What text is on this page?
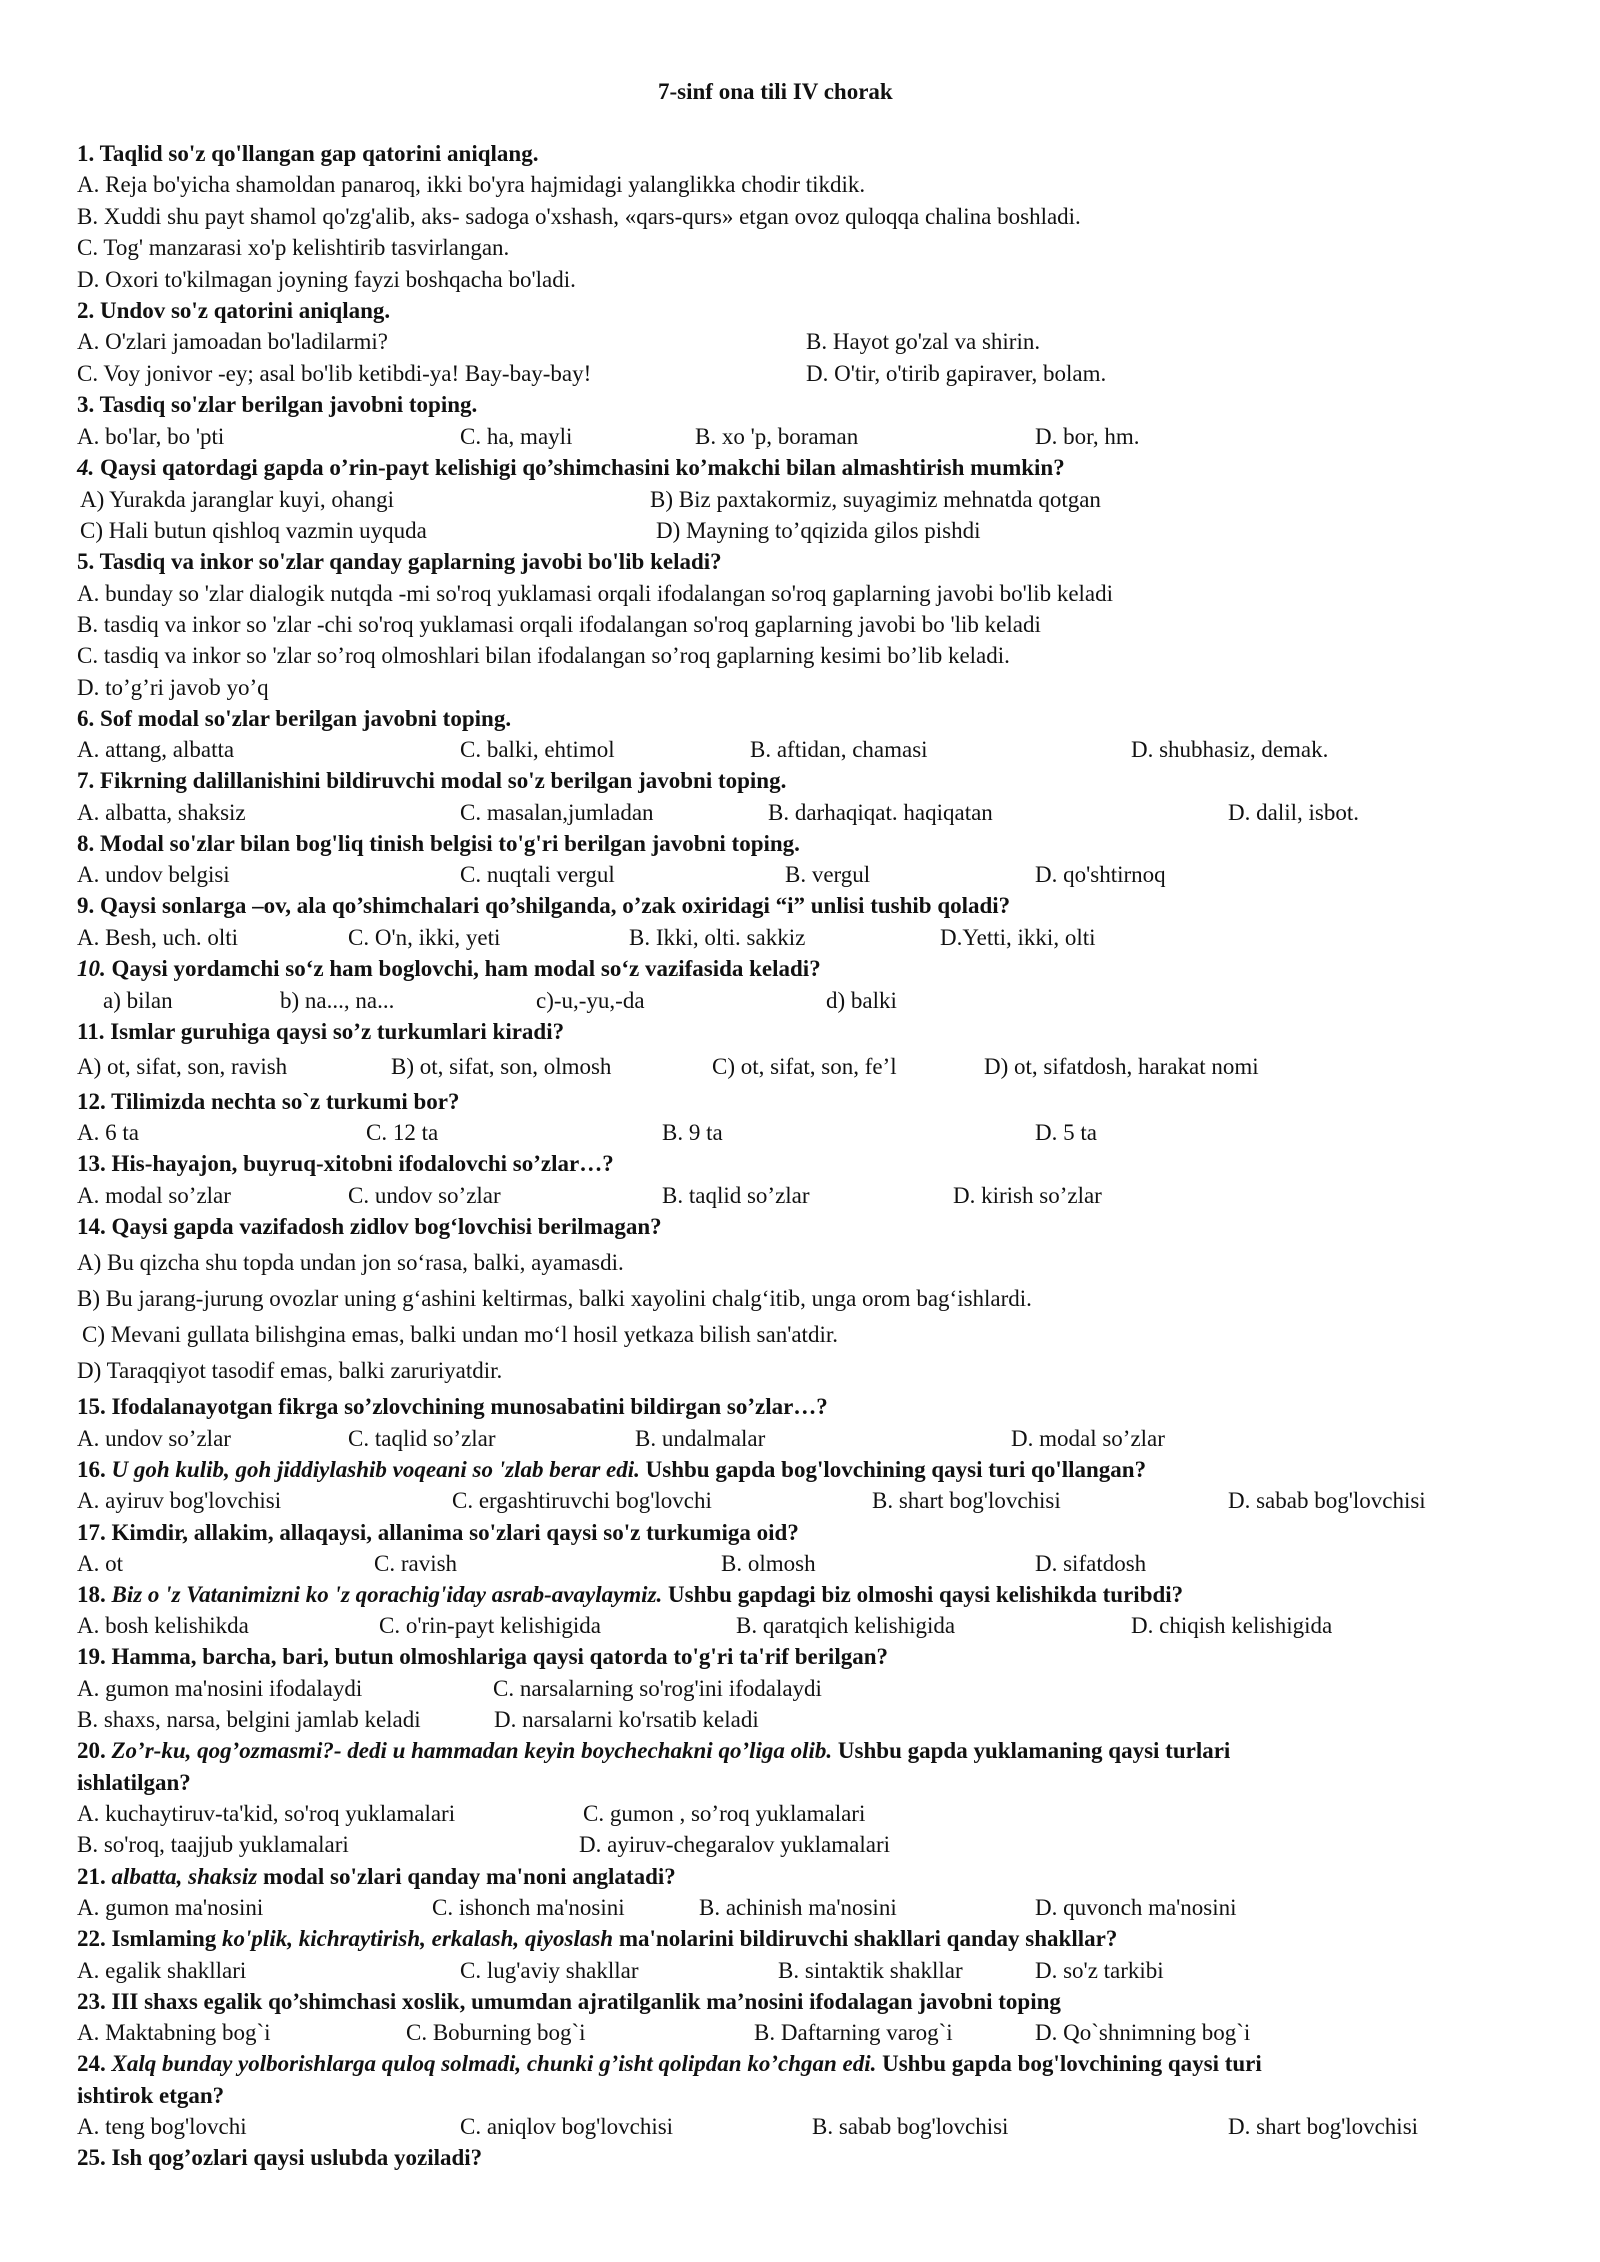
7-sinf ona tili IV chorak
1. Taqlid so'z qo'llangan gap qatorini aniqlang.
A. Reja bo'yicha shamoldan panaroq, ikki bo'yra hajmidagi yalanglikka chodir tikdik.
B. Xuddi shu payt shamol qo'zg'alib, aks- sadoga o'xshash, «qars-qurs» etgan ovoz quloqqa chalina boshladi.
C. Tog' manzarasi xo'p kelishtirib tasvirlangan.
D. Oxori to'kilmagan joyning fayzi boshqacha bo'ladi.
2. Undov so'z qatorini aniqlang.
A. O'zlari jamoadan bo'ladilarmi?	B. Hayot go'zal va shirin.
C. Voy jonivor -ey; asal bo'lib ketibdi-ya! Bay-bay-bay!	D. O'tir, o'tirib gapiraver, bolam.
3. Tasdiq so'zlar berilgan javobni toping.
A. bo'lar, bo 'pti	C. ha, mayli	B. xo 'p, boraman	D. bor, hm.
4. Qaysi qatordagi gapda o’rin-payt kelishigi qo’shimchasini ko’makchi bilan almashtirish mumkin?
A) Yurakda jaranglar kuyi, ohangi	B) Biz paxtakormiz, suyagimiz mehnatda qotgan
C) Hali butun qishloq vazmin uyquda	D) Mayning to’qqizida gilos pishdi
5. Tasdiq va inkor so'zlar qanday gaplarning javobi bo'lib keladi?
A. bunday so 'zlar dialogik nutqda -mi so'roq yuklamasi orqali ifodalangan so'roq gaplarning javobi bo'lib keladi
B. tasdiq va inkor so 'zlar -chi so'roq yuklamasi orqali ifodalangan so'roq gaplarning javobi bo 'lib keladi
C. tasdiq va inkor so 'zlar so’roq olmoshlari bilan ifodalangan so’roq gaplarning kesimi bo’lib keladi.
D. to’g’ri javob yo’q
6. Sof modal so'zlar berilgan javobni toping.
A. attang, albatta	C. balki, ehtimol	B. aftidan, chamasi	D. shubhasiz, demak.
7. Fikrning dalillanishini bildiruvchi modal so'z berilgan javobni toping.
A. albatta, shaksiz	C. masalan,jumladan	B. darhaqiqat. haqiqatan	D. dalil, isbot.
8. Modal so'zlar bilan bog'liq tinish belgisi to'g'ri berilgan javobni toping.
A. undov belgisi	C. nuqtali vergul	B. vergul	D. qo'shtirnoq
9. Qaysi sonlarga –ov, ala qo’shimchalari qo’shilganda, o’zak oxiridagi “i” unlisi tushib qoladi?
A. Besh, uch. olti	C. O'n, ikki, yeti	B. Ikki, olti. sakkiz	D.Yetti, ikki, olti
10. Qaysi yordamchi so‘z ham boglovchi, ham modal so‘z vazifasida keladi?
a) bilan	b) na..., na...	c)-u,-yu,-da	d) balki
11. Ismlar guruhiga qaysi so’z turkumlari kiradi?
A) ot, sifat, son, ravish	B) ot, sifat, son, olmosh	C) ot, sifat, son, fe’l	D) ot, sifatdosh, harakat nomi
12. Tilimizda nechta so`z turkumi bor?
A. 6 ta	C. 12 ta	B. 9 ta	D. 5 ta
13. His-hayajon, buyruq-xitobni ifodalovchi so’zlar…?
A. modal so’zlar	C. undov so’zlar	B. taqlid so’zlar	D. kirish so’zlar
14. Qaysi gapda vazifadosh zidlov bog‘lovchisi berilmagan?
A) Bu qizcha shu topda undan jon so‘rasa, balki, ayamasdi.
B) Bu jarang-jurung ovozlar uning g‘ashini keltirmas, balki xayolini chalg‘itib, unga orom bag‘ishlardi.
C) Mevani gullata bilishgina emas, balki undan mo‘l hosil yetkaza bilish san'atdir.
D) Taraqqiyot tasodif emas, balki zaruriyatdir.
15. Ifodalanayotgan fikrga so’zlovchining munosabatini bildirgan so’zlar…?
A. undov so’zlar	C. taqlid so’zlar	B. undalmalar	D. modal so’zlar
16. U goh kulib, goh jiddiylashib voqeani so 'zlab berar edi. Ushbu gapda bog'lovchining qaysi turi qo'llangan?
A. ayiruv bog'lovchisi	C. ergashtiruvchi bog'lovchi	B. shart bog'lovchisi	D. sabab bog'lovchisi
17. Kimdir, allakim, allaqaysi, allanima so'zlari qaysi so'z turkumiga oid?
A. ot	C. ravish	B. olmosh	D. sifatdosh
18. Biz o 'z Vatanimizni ko 'z qorachig'iday asrab-avaylaymiz. Ushbu gapdagi biz olmoshi qaysi kelishikda turibdi?
A. bosh kelishikda	C. o'rin-payt kelishigida	B. qaratqich kelishigida	D. chiqish kelishigida
19. Hamma, barcha, bari, butun olmoshlariga qaysi qatorda to'g'ri ta'rif berilgan?
A. gumon ma'nosini ifodalaydi	C. narsalarning so'rog'ini ifodalaydi
B. shaxs, narsa, belgini jamlab keladi	D. narsalarni ko'rsatib keladi
20. Zo’r-ku, qog’ozmasmi?- dedi u hammadan keyin boychechakni qo’liga olib. Ushbu gapda yuklamaning qaysi turlari
ishlatilgan?
A. kuchaytiruv-ta'kid, so'roq yuklamalari	C. gumon , so’roq yuklamalari
B. so'roq, taajjub yuklamalari	D. ayiruv-chegaralov yuklamalari
21. albatta, shaksiz modal so'zlari qanday ma'noni anglatadi?
A. gumon ma'nosini	C. ishonch ma'nosini	B. achinish ma'nosini	D. quvonch ma'nosini
22. Ismlaming ko'plik, kichraytirish, erkalash, qiyoslash ma'nolarini bildiruvchi shakllari qanday shakllar?
A. egalik shakllari	C. lug'aviy shakllar	B. sintaktik shakllar	D. so'z tarkibi
23. III shaxs egalik qo’shimchasi xoslik, umumdan ajratilganlik ma’nosini ifodalagan javobni toping
A. Maktabning bog`i	C. Boburning bog`i	B. Daftarning varog`i	D. Qo`shnimning bog`i
24. Xalq bunday yolborishlarga quloq solmadi, chunki g’isht qolipdan ko’chgan edi. Ushbu gapda bog'lovchining qaysi turi
ishtirok etgan?
A. teng bog'lovchi	C. aniqlov bog'lovchisi	B. sabab bog'lovchisi	D. shart bog'lovchisi
25. Ish qog’ozlari qaysi uslubda yoziladi?
